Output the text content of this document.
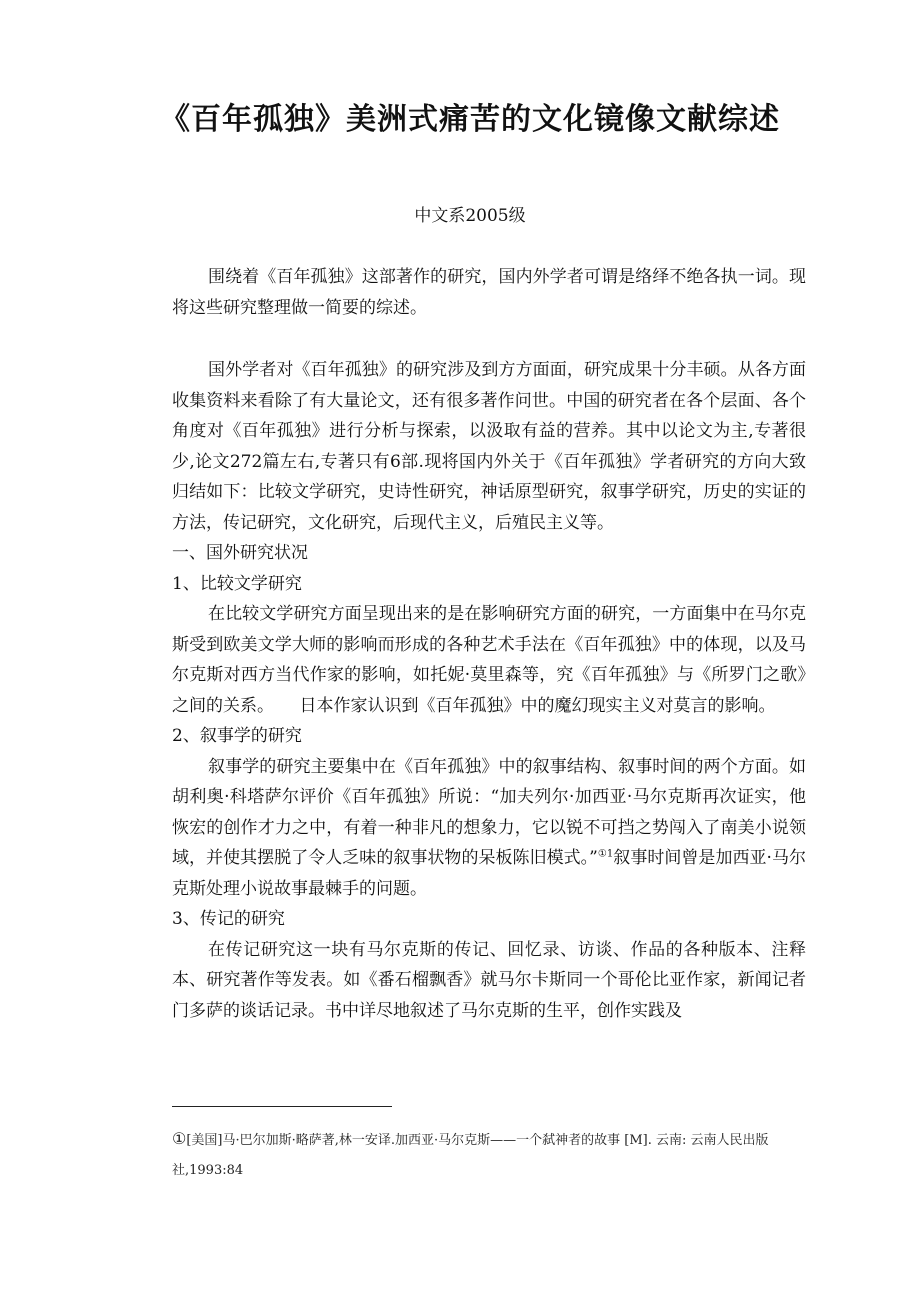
《百年孤独》美洲式痛苦的文化镜像文献综述
中文系2005级

围绕着《百年孤独》这部著作的研究，国内外学者可谓是络绎不绝各执一词。现将这些研究整理做一简要的综述。

国外学者对《百年孤独》的研究涉及到方方面面，研究成果十分丰硕。从各方面收集资料来看除了有大量论文，还有很多著作问世。中国的研究者在各个层面、各个角度对《百年孤独》进行分析与探索，以汲取有益的营养。其中以论文为主,专著很少,论文272篇左右,专著只有6部.现将国内外关于《百年孤独》学者研究的方向大致归结如下：比较文学研究，史诗性研究，神话原型研究，叙事学研究，历史的实证的方法，传记研究，文化研究，后现代主义，后殖民主义等。

一、国外研究状况

1、比较文学研究

在比较文学研究方面呈现出来的是在影响研究方面的研究，一方面集中在马尔克斯受到欧美文学大师的影响而形成的各种艺术手法在《百年孤独》中的体现，以及马尔克斯对西方当代作家的影响，如托妮·莫里森等，究《百年孤独》与《所罗门之歌》之间的关系。　　日本作家认识到《百年孤独》中的魔幻现实主义对莫言的影响。

2、叙事学的研究

叙事学的研究主要集中在《百年孤独》中的叙事结构、叙事时间的两个方面。如胡利奥·科塔萨尔评价《百年孤独》所说：“加夫列尔·加西亚·马尔克斯再次证实，他恢宏的创作才力之中，有着一种非凡的想象力，它以锐不可挡之势闯入了南美小说领域，并使其摆脱了令人乏味的叙事状物的呆板陈旧模式。”$^{①1}$叙事时间曾是加西亚·马尔克斯处理小说故事最棘手的问题。

3、传记的研究

在传记研究这一块有马尔克斯的传记、回忆录、访谈、作品的各种版本、注释本、研究著作等发表。如《番石榴飘香》就马尔卡斯同一个哥伦比亚作家，新闻记者门多萨的谈话记录。书中详尽地叙述了马尔克斯的生平，创作实践及

①[美国]马·巴尔加斯·略萨著,林一安译.加西亚·马尔克斯——一个弑神者的故事 [M]. 云南: 云南人民出版社,1993:84
